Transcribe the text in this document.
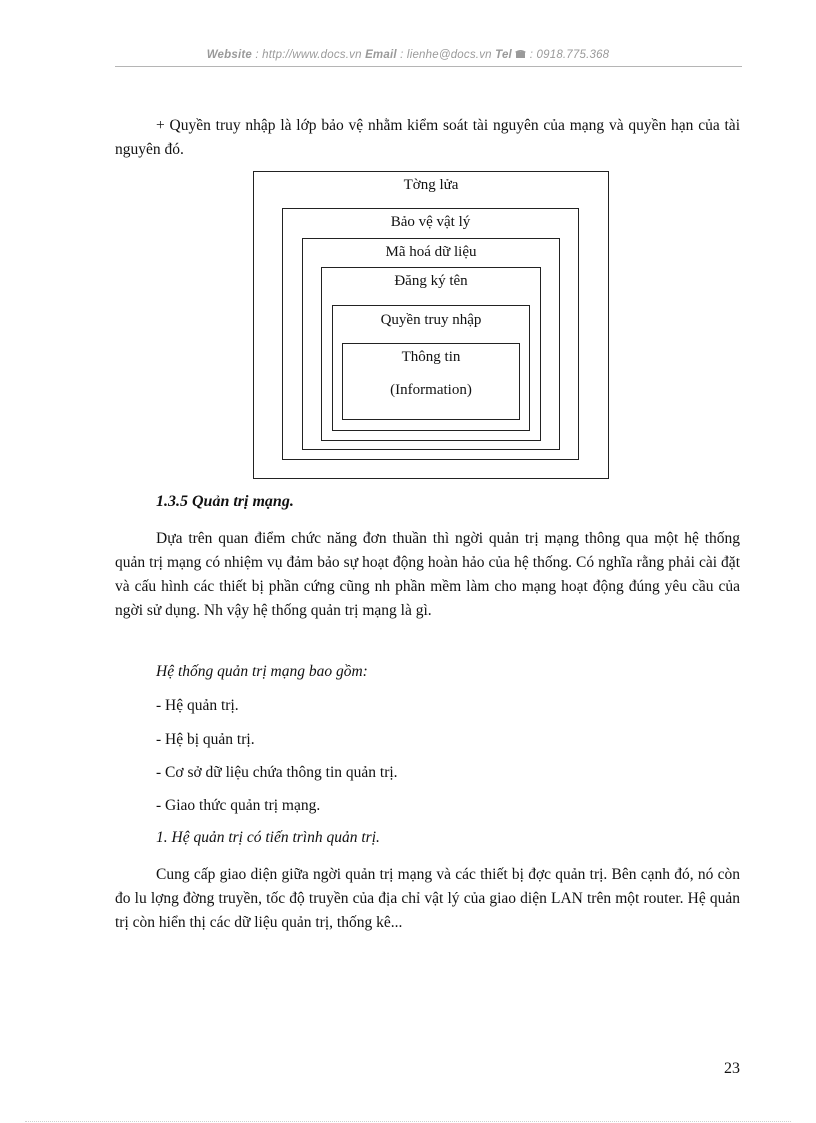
Website : http://www.docs.vn Email : lienhe@docs.vn Tel  : 0918.775.368
+ Quyền truy nhập là lớp bảo vệ nhằm kiểm soát tài nguyên của mạng và quyền hạn của tài nguyên đó.
Tờng lửa
Bảo vệ vật lý
Mã hoá dữ liệu
Đăng ký tên
Quyền truy nhập
Thông tin
(Information)
1.3.5 Quản trị mạng.
Dựa trên quan điểm chức năng đơn thuần thì ngời quản trị mạng thông qua một hệ thống quản trị mạng có nhiệm vụ đảm bảo sự hoạt động hoàn hảo của hệ thống. Có nghĩa rằng phải cài đặt và cấu hình các thiết bị phần cứng cũng nh phần mềm làm cho mạng hoạt động đúng yêu cầu của ngời sử dụng. Nh vậy hệ thống quản trị mạng là gì.
Hệ thống quản trị mạng bao gồm:
- Hệ quản trị.
- Hệ bị quản trị.
- Cơ sở dữ liệu chứa thông tin quản trị.
- Giao thức quản trị mạng.
1. Hệ quản trị có tiến trình quản trị.
Cung cấp giao diện giữa ngời quản trị mạng và các thiết bị đợc quản trị. Bên cạnh đó, nó còn đo lu lợng đờng truyền, tốc độ truyền của địa chỉ vật lý của giao diện LAN trên một router. Hệ quản trị còn hiển thị các dữ liệu quản trị, thống kê...
23
